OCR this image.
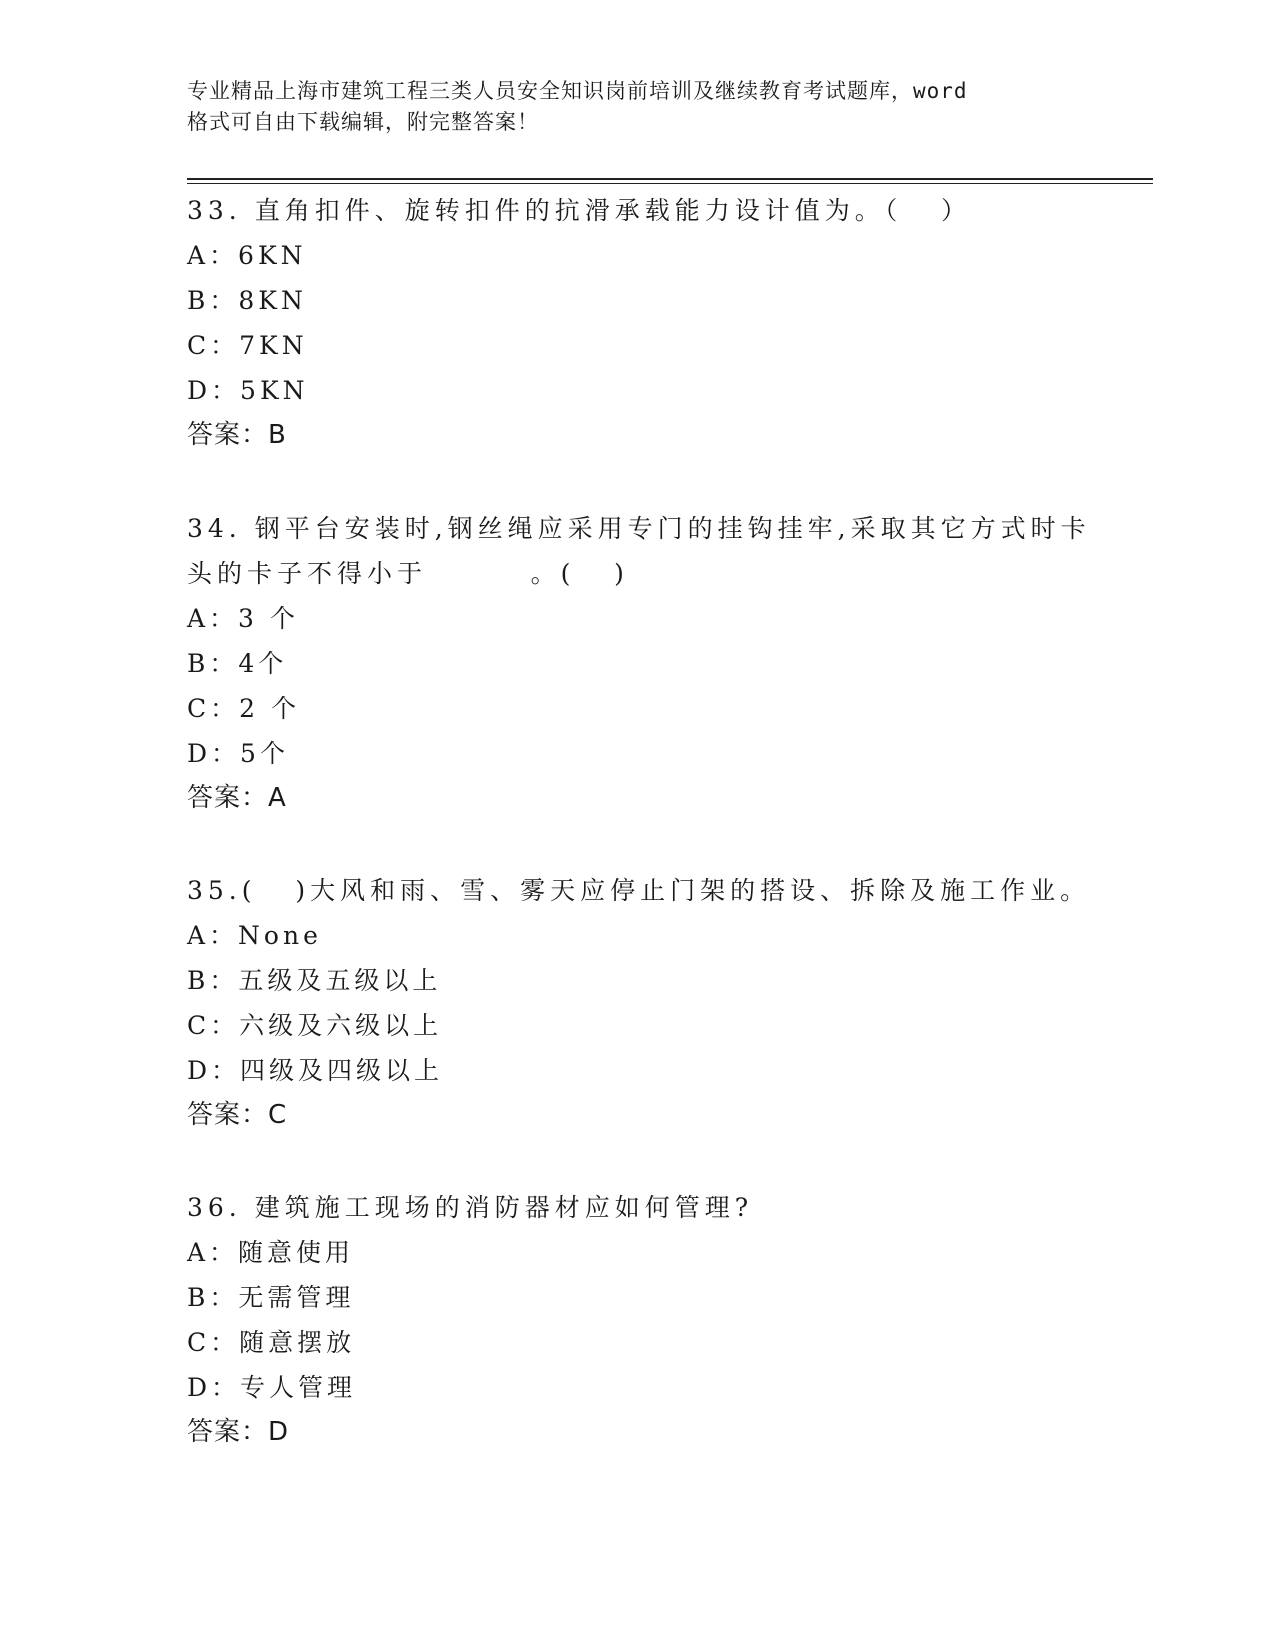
专业精品上海市建筑工程三类人员安全知识岗前培训及继续教育考试题库，word
格式可自由下载编辑，附完整答案！

33. 直角扣件、旋转扣件的抗滑承载能力设计值为。（   ）

A：6KN

B：8KN

C：7KN

D：5KN

答案：B

34. 钢平台安装时,钢丝绳应采用专门的挂钩挂牢,采取其它方式时卡

头的卡子不得小于        。(   )

A：3 个

B：4个

C：2 个

D：5个

答案：A

35.(   )大风和雨、雪、雾天应停止门架的搭设、拆除及施工作业。

A：None

B：五级及五级以上

C：六级及六级以上

D：四级及四级以上

答案：C

36. 建筑施工现场的消防器材应如何管理?

A：随意使用

B：无需管理

C：随意摆放

D：专人管理

答案：D
